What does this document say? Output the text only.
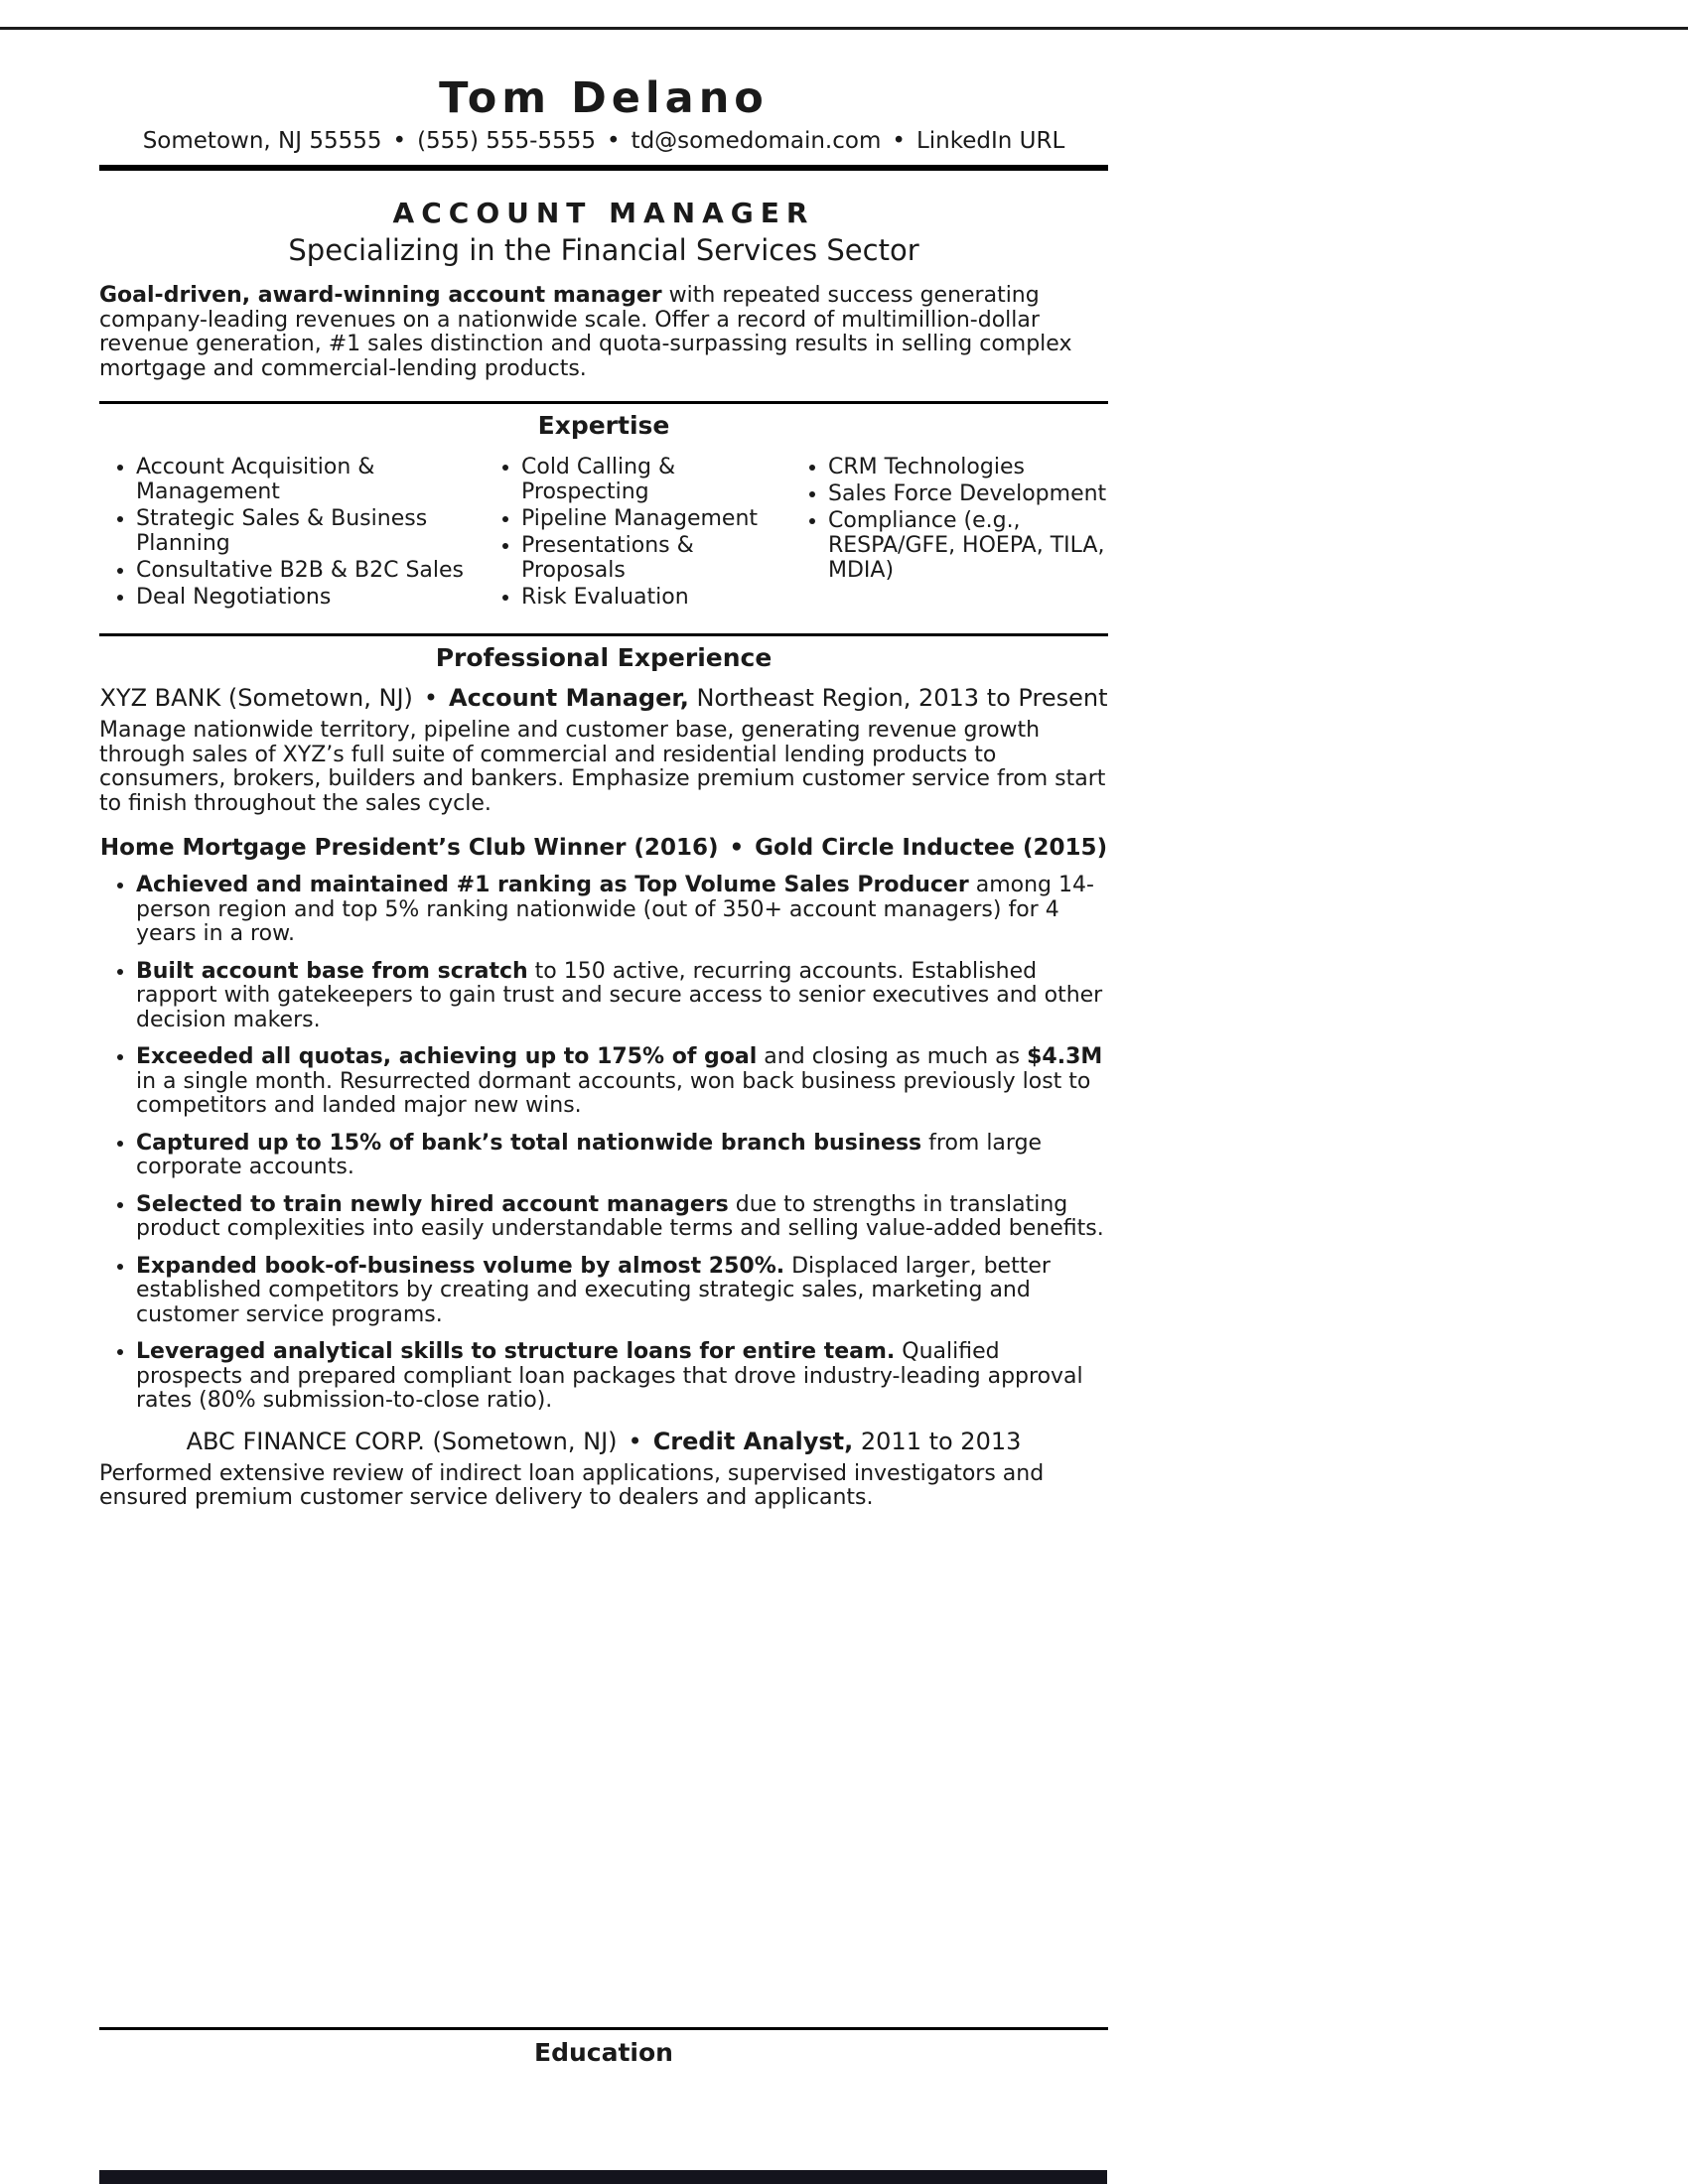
Tom Delano
Sometown, NJ 55555 • (555) 555-5555 • td@somedomain.com • LinkedIn URL
ACCOUNT MANAGER
Specializing in the Financial Services Sector

Goal-driven, award-winning account manager with repeated success generating company-leading revenues on a nationwide scale. Offer a record of multimillion-dollar revenue generation, #1 sales distinction and quota-surpassing results in selling complex mortgage and commercial-lending products.

Expertise
• Account Acquisition & Management
• Strategic Sales & Business Planning
• Consultative B2B & B2C Sales
• Deal Negotiations
• Cold Calling & Prospecting
• Pipeline Management
• Presentations & Proposals
• Risk Evaluation
• CRM Technologies
• Sales Force Development
• Compliance (e.g., RESPA/GFE, HOEPA, TILA, MDIA)
Professional Experience
XYZ BANK (Sometown, NJ) • Account Manager, Northeast Region, 2013 to Present

Manage nationwide territory, pipeline and customer base, generating revenue growth through sales of XYZ’s full suite of commercial and residential lending products to consumers, brokers, builders and bankers. Emphasize premium customer service from start to finish throughout the sales cycle.

Home Mortgage President’s Club Winner (2016) • Gold Circle Inductee (2015)
• Achieved and maintained #1 ranking as Top Volume Sales Producer among 14-person region and top 5% ranking nationwide (out of 350+ account managers) for 4 years in a row.
• Built account base from scratch to 150 active, recurring accounts. Established rapport with gatekeepers to gain trust and secure access to senior executives and other decision makers.
• Exceeded all quotas, achieving up to 175% of goal and closing as much as $4.3M in a single month. Resurrected dormant accounts, won back business previously lost to competitors and landed major new wins.
• Captured up to 15% of bank’s total nationwide branch business from large corporate accounts.
• Selected to train newly hired account managers due to strengths in translating product complexities into easily understandable terms and selling value-added benefits.
• Expanded book-of-business volume by almost 250%. Displaced larger, better established competitors by creating and executing strategic sales, marketing and customer service programs.
• Leveraged analytical skills to structure loans for entire team. Qualified prospects and prepared compliant loan packages that drove industry-leading approval rates (80% submission-to-close ratio).
ABC FINANCE CORP. (Sometown, NJ) • Credit Analyst, 2011 to 2013

Performed extensive review of indirect loan applications, supervised investigators and ensured premium customer service delivery to dealers and applicants.

Education
